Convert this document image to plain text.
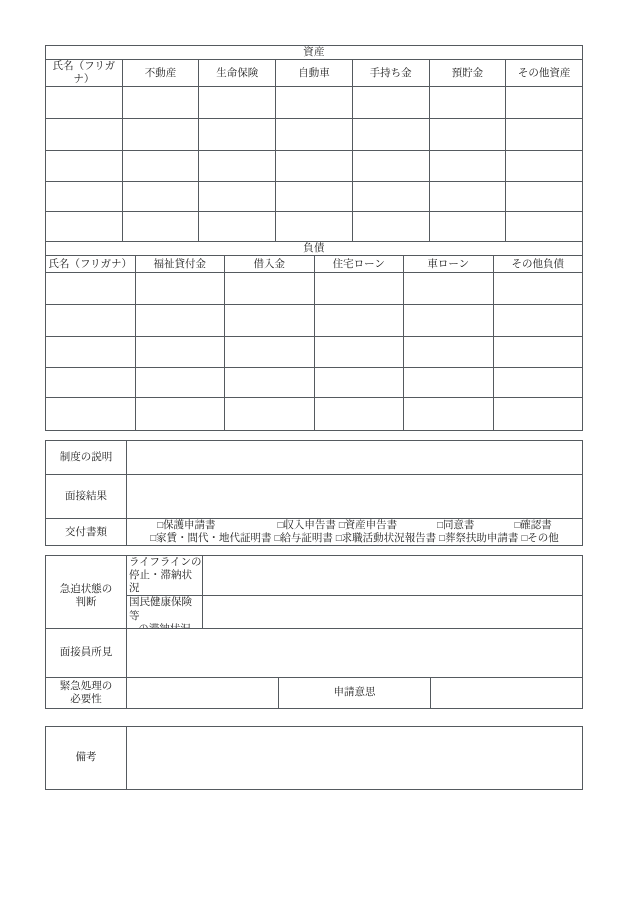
資産						
氏名（フリガナ）	不動産	生命保険	自動車	手持ち金	預貯金	その他資産

負債					
氏名（フリガナ）	福祉貸付金	借入金	住宅ローン	車ローン	その他負債

制度の説明	
面接結果	
交付書類	□保護申請書 □収入申告書 □資産申告書 □同意書 □確認書
□家賃・間代・地代証明書 □給与証明書 □求職活動状況報告書 □葬祭扶助申請書 □その他
急迫状態の
判断	ライフラインの
停止・滞納状況	

	国民健康保険等	

面接員所見			

緊急処理の
必要性		申請意思	
備考	
